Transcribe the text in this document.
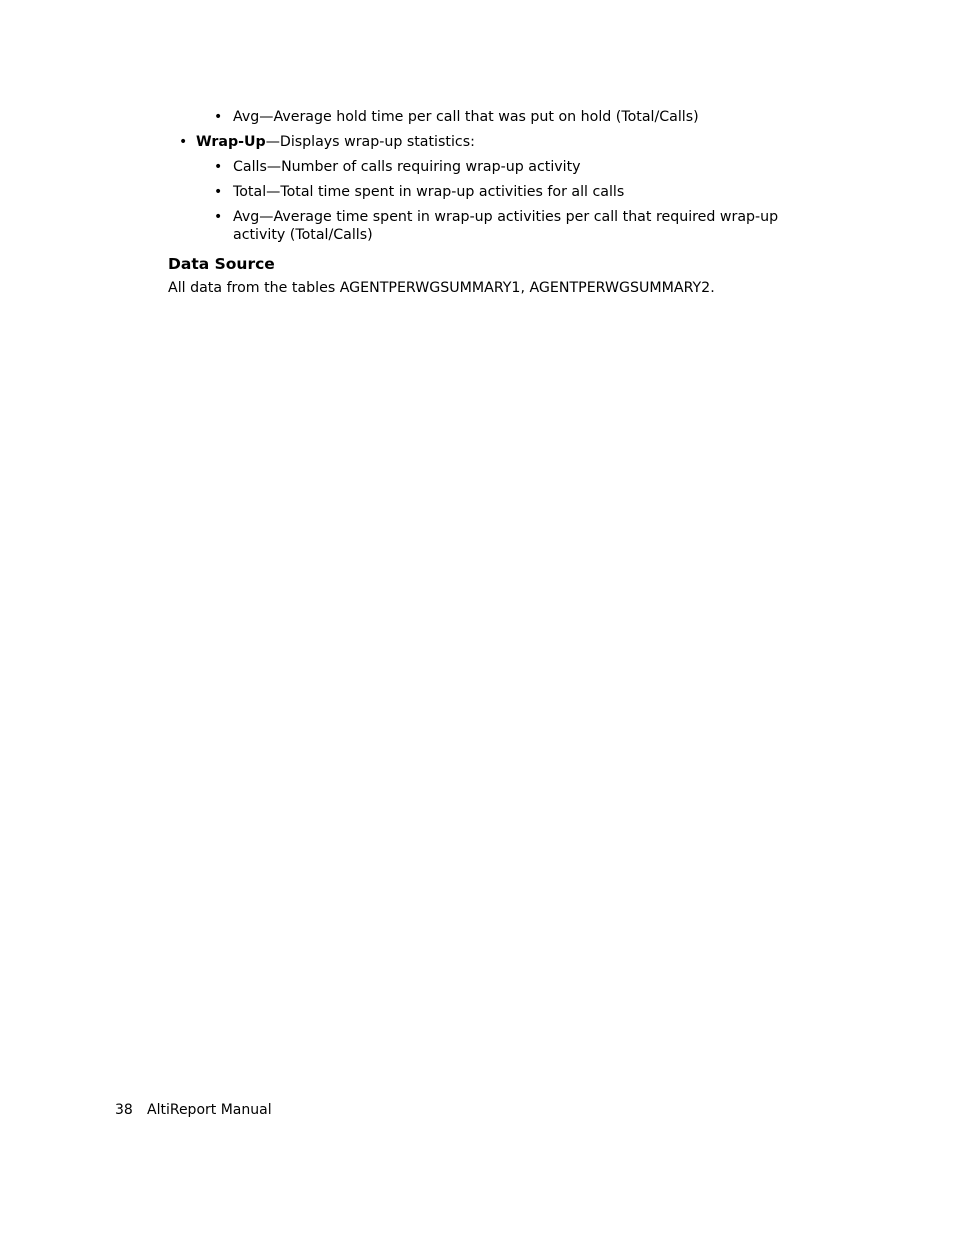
• Avg—Average hold time per call that was put on hold (Total/Calls)
• Wrap-Up—Displays wrap-up statistics:
• Calls—Number of calls requiring wrap-up activity
• Total—Total time spent in wrap-up activities for all calls
• Avg—Average time spent in wrap-up activities per call that required wrap-up
activity (Total/Calls)
Data Source
All data from the tables AGENTPERWGSUMMARY1, AGENTPERWGSUMMARY2.
38 AltiReport Manual
